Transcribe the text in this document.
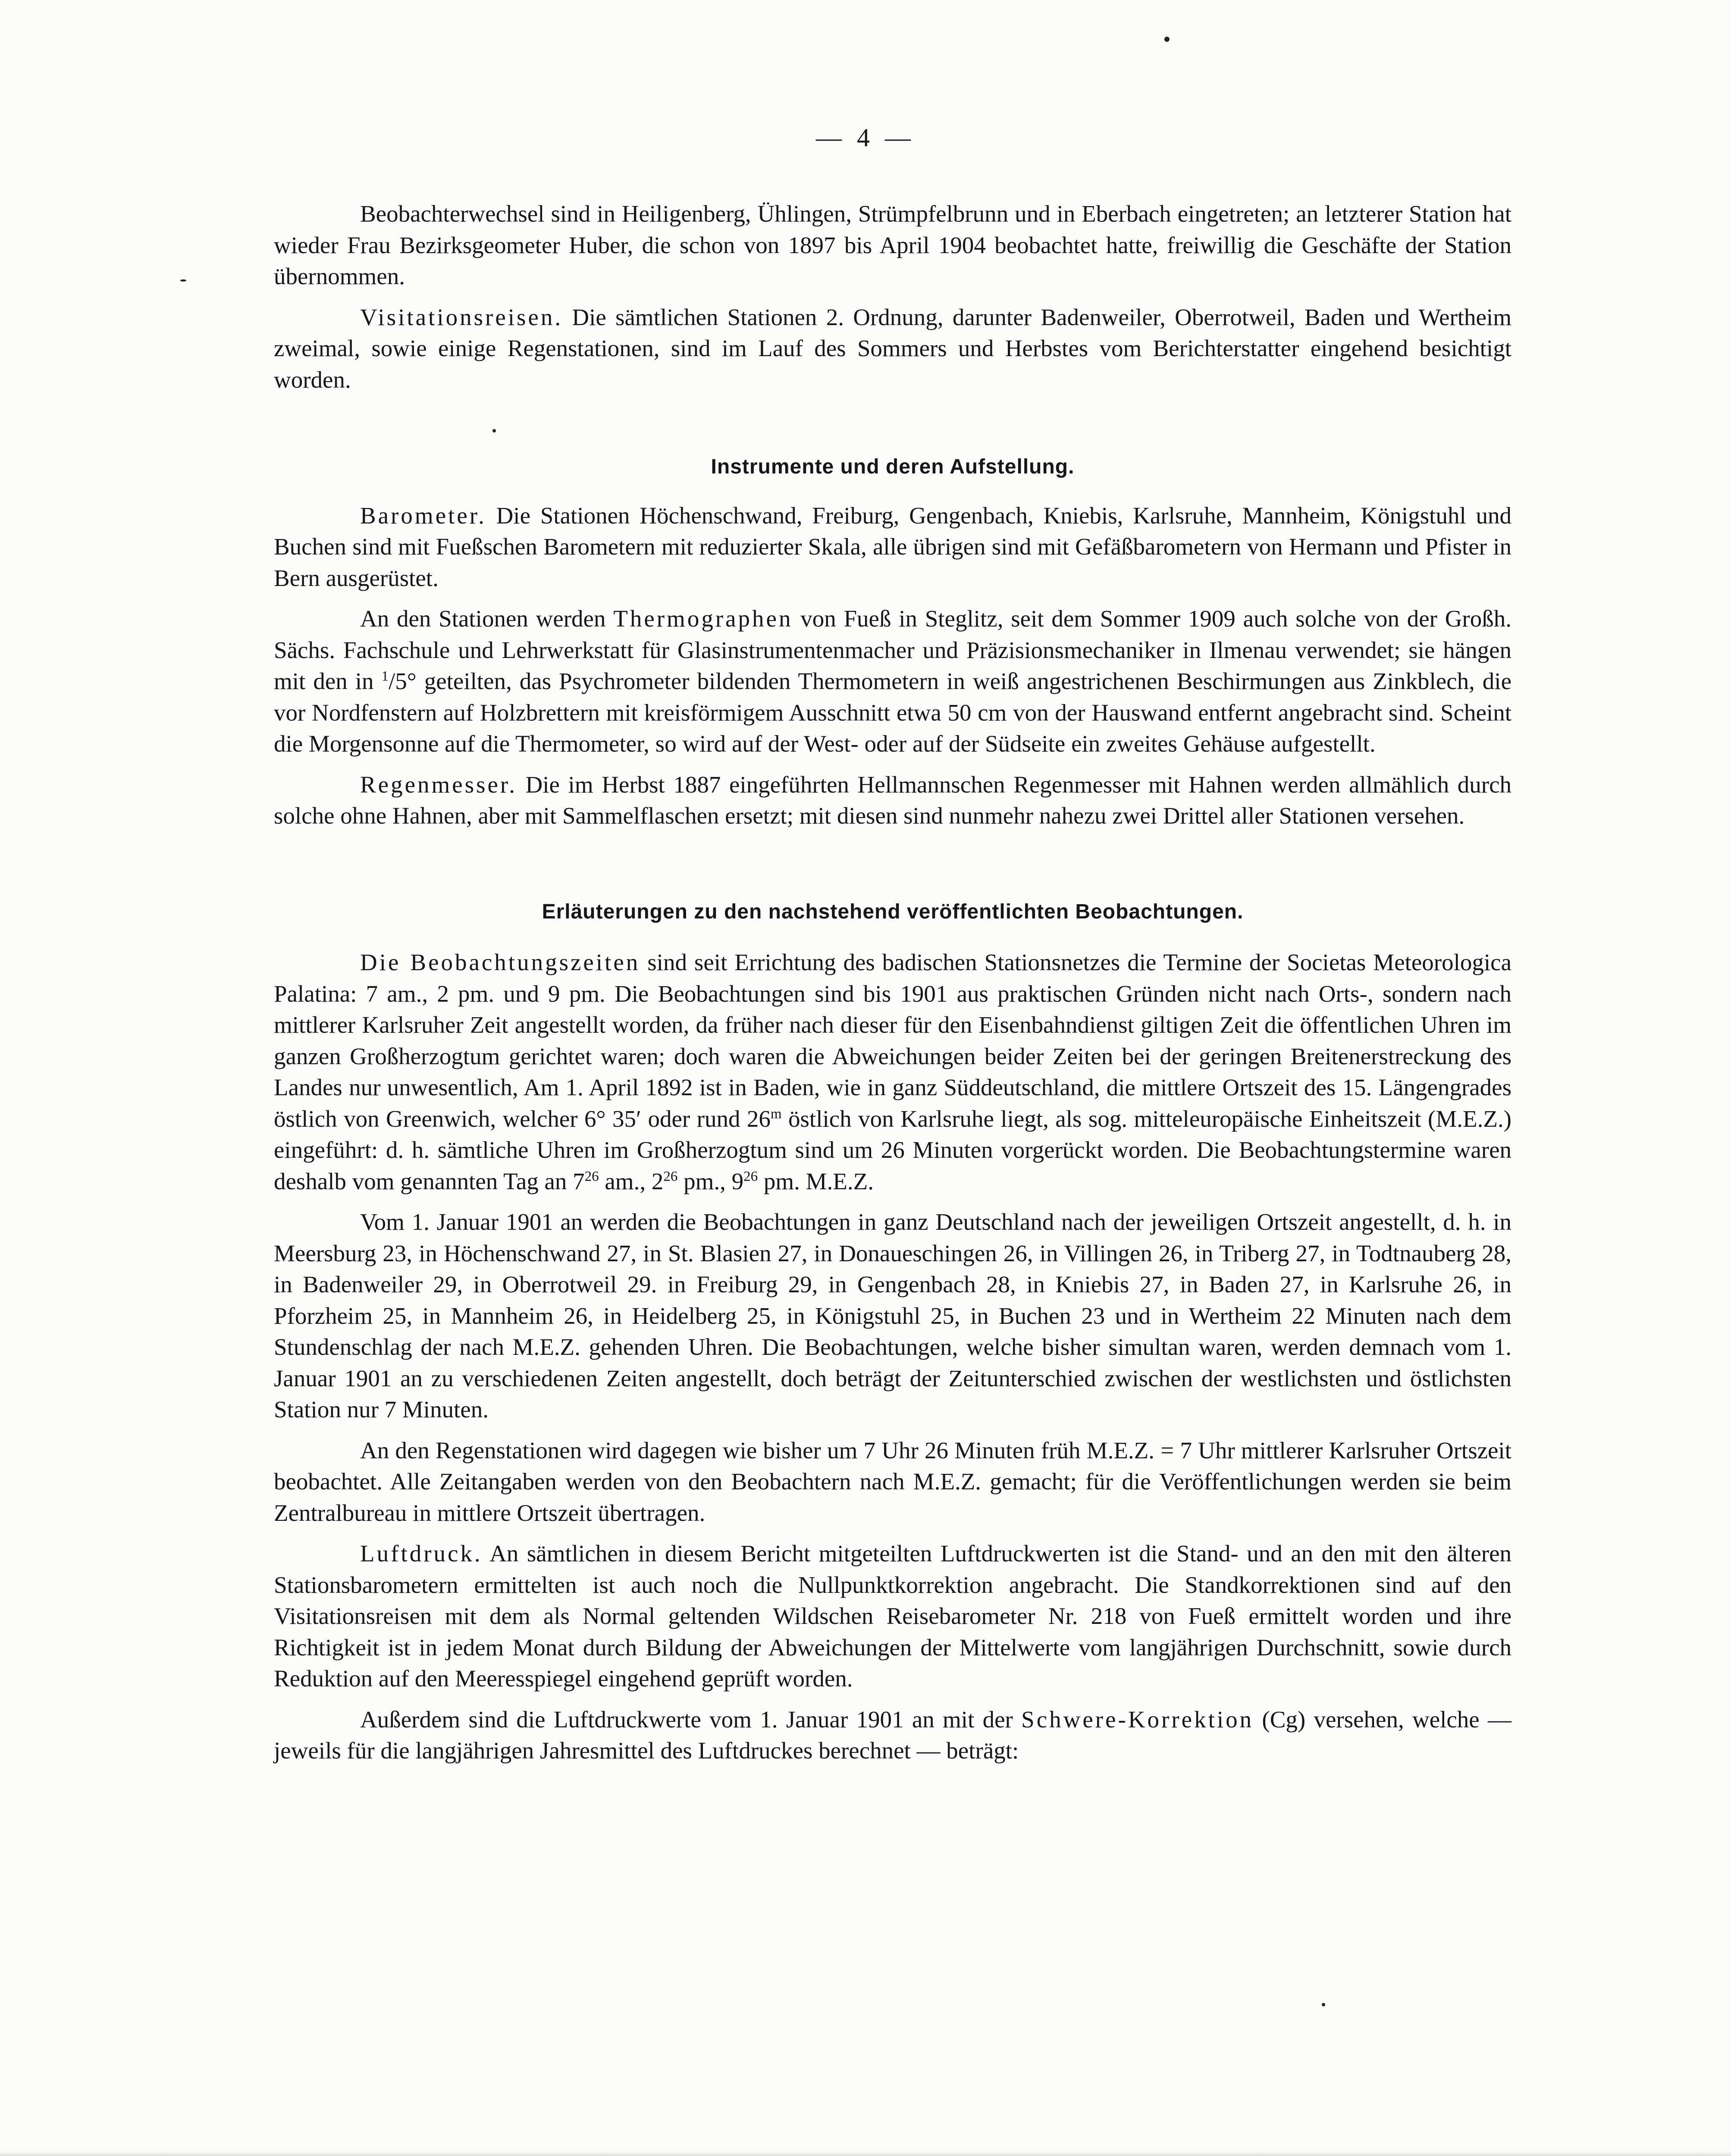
— 4 —

Beobachterwechsel sind in Heiligenberg, Ühlingen, Strümpfelbrunn und in Eberbach eingetreten; an letzterer Station hat wieder Frau Bezirksgeometer Huber, die schon von 1897 bis April 1904 beobachtet hatte, freiwillig die Geschäfte der Station übernommen.

Visitationsreisen. Die sämtlichen Stationen 2. Ordnung, darunter Badenweiler, Oberrotweil, Baden und Wertheim zweimal, sowie einige Regenstationen, sind im Lauf des Sommers und Herbstes vom Berichterstatter eingehend besichtigt worden.

Instrumente und deren Aufstellung.

Barometer. Die Stationen Höchenschwand, Freiburg, Gengenbach, Kniebis, Karlsruhe, Mannheim, Königstuhl und Buchen sind mit Fueßschen Barometern mit reduzierter Skala, alle übrigen sind mit Gefäßbarometern von Hermann und Pfister in Bern ausgerüstet.

An den Stationen werden Thermographen von Fueß in Steglitz, seit dem Sommer 1909 auch solche von der Großh. Sächs. Fachschule und Lehrwerkstatt für Glasinstrumentenmacher und Präzisionsmechaniker in Ilmenau verwendet; sie hängen mit den in $^1$/5° geteilten, das Psychrometer bildenden Thermometern in weiß angestrichenen Beschirmungen aus Zinkblech, die vor Nordfenstern auf Holzbrettern mit kreisförmigem Ausschnitt etwa 50 cm von der Hauswand entfernt angebracht sind. Scheint die Morgensonne auf die Thermometer, so wird auf der West- oder auf der Südseite ein zweites Gehäuse aufgestellt.

Regenmesser. Die im Herbst 1887 eingeführten Hellmannschen Regenmesser mit Hahnen werden allmählich durch solche ohne Hahnen, aber mit Sammelflaschen ersetzt; mit diesen sind nunmehr nahezu zwei Drittel aller Stationen versehen.

Erläuterungen zu den nachstehend veröffentlichten Beobachtungen.

Die Beobachtungszeiten sind seit Errichtung des badischen Stationsnetzes die Termine der Societas Meteorologica Palatina: 7 am., 2 pm. und 9 pm. Die Beobachtungen sind bis 1901 aus praktischen Gründen nicht nach Orts-, sondern nach mittlerer Karlsruher Zeit angestellt worden, da früher nach dieser für den Eisenbahndienst giltigen Zeit die öffentlichen Uhren im ganzen Großherzogtum gerichtet waren; doch waren die Abweichungen beider Zeiten bei der geringen Breitenerstreckung des Landes nur unwesentlich, Am 1. April 1892 ist in Baden, wie in ganz Süddeutschland, die mittlere Ortszeit des 15. Längengrades östlich von Greenwich, welcher 6° 35′ oder rund 26$^m$ östlich von Karlsruhe liegt, als sog. mitteleuropäische Einheitszeit (M.E.Z.) eingeführt: d. h. sämtliche Uhren im Großherzogtum sind um 26 Minuten vorgerückt worden. Die Beobachtungstermine waren deshalb vom genannten Tag an $7^{26}$ am., $2^{26}$ pm., $9^{26}$ pm. M.E.Z.

Vom 1. Januar 1901 an werden die Beobachtungen in ganz Deutschland nach der jeweiligen Ortszeit angestellt, d. h. in Meersburg 23, in Höchenschwand 27, in St. Blasien 27, in Donaueschingen 26, in Villingen 26, in Triberg 27, in Todtnauberg 28, in Badenweiler 29, in Oberrotweil 29. in Freiburg 29, in Gengenbach 28, in Kniebis 27, in Baden 27, in Karlsruhe 26, in Pforzheim 25, in Mannheim 26, in Heidelberg 25, in Königstuhl 25, in Buchen 23 und in Wertheim 22 Minuten nach dem Stundenschlag der nach M.E.Z. gehenden Uhren. Die Beobachtungen, welche bisher simultan waren, werden demnach vom 1. Januar 1901 an zu verschiedenen Zeiten angestellt, doch beträgt der Zeitunterschied zwischen der westlichsten und östlichsten Station nur 7 Minuten.

An den Regenstationen wird dagegen wie bisher um 7 Uhr 26 Minuten früh M.E.Z. = 7 Uhr mittlerer Karlsruher Ortszeit beobachtet. Alle Zeitangaben werden von den Beobachtern nach M.E.Z. gemacht; für die Veröffentlichungen werden sie beim Zentralbureau in mittlere Ortszeit übertragen.

Luftdruck. An sämtlichen in diesem Bericht mitgeteilten Luftdruckwerten ist die Stand- und an den mit den älteren Stationsbarometern ermittelten ist auch noch die Nullpunktkorrektion angebracht. Die Standkorrektionen sind auf den Visitationsreisen mit dem als Normal geltenden Wildschen Reisebarometer Nr. 218 von Fueß ermittelt worden und ihre Richtigkeit ist in jedem Monat durch Bildung der Abweichungen der Mittelwerte vom langjährigen Durchschnitt, sowie durch Reduktion auf den Meeresspiegel eingehend geprüft worden.

Außerdem sind die Luftdruckwerte vom 1. Januar 1901 an mit der Schwere-Korrektion (Cg) versehen, welche — jeweils für die langjährigen Jahresmittel des Luftdruckes berechnet — beträgt:
